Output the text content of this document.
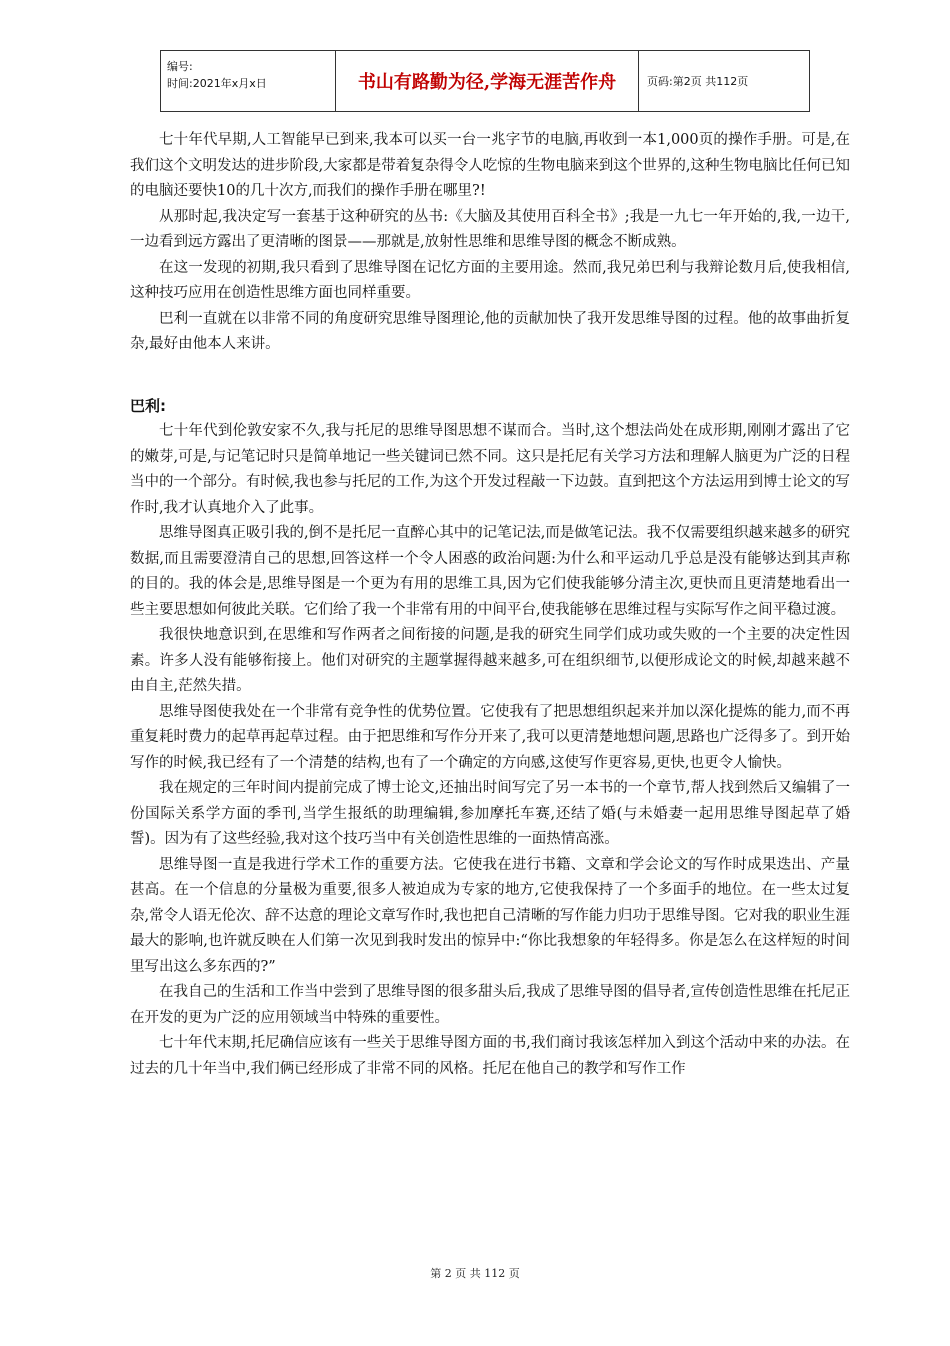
编号:
时间:2021年x月x日	书山有路勤为径,学海无涯苦作舟	页码:第2页 共112页

七十年代早期,人工智能早已到来,我本可以买一台一兆字节的电脑,再收到一本1,000页的操作手册。可是,在我们这个文明发达的进步阶段,大家都是带着复杂得令人吃惊的生物电脑来到这个世界的,这种生物电脑比任何已知的电脑还要快10的几十次方,而我们的操作手册在哪里?!

从那时起,我决定写一套基于这种研究的丛书:《大脑及其使用百科全书》;我是一九七一年开始的,我,一边干,一边看到远方露出了更清晰的图景——那就是,放射性思维和思维导图的概念不断成熟。

在这一发现的初期,我只看到了思维导图在记忆方面的主要用途。然而,我兄弟巴利与我辩论数月后,使我相信,这种技巧应用在创造性思维方面也同样重要。

巴利一直就在以非常不同的角度研究思维导图理论,他的贡献加快了我开发思维导图的过程。他的故事曲折复杂,最好由他本人来讲。

巴利:

七十年代到伦敦安家不久,我与托尼的思维导图思想不谋而合。当时,这个想法尚处在成形期,刚刚才露出了它的嫩芽,可是,与记笔记时只是简单地记一些关键词已然不同。这只是托尼有关学习方法和理解人脑更为广泛的日程当中的一个部分。有时候,我也参与托尼的工作,为这个开发过程敲一下边鼓。直到把这个方法运用到博士论文的写作时,我才认真地介入了此事。

思维导图真正吸引我的,倒不是托尼一直醉心其中的记笔记法,而是做笔记法。我不仅需要组织越来越多的研究数据,而且需要澄清自己的思想,回答这样一个令人困惑的政治问题:为什么和平运动几乎总是没有能够达到其声称的目的。我的体会是,思维导图是一个更为有用的思维工具,因为它们使我能够分清主次,更快而且更清楚地看出一些主要思想如何彼此关联。它们给了我一个非常有用的中间平台,使我能够在思维过程与实际写作之间平稳过渡。

我很快地意识到,在思维和写作两者之间衔接的问题,是我的研究生同学们成功或失败的一个主要的决定性因素。许多人没有能够衔接上。他们对研究的主题掌握得越来越多,可在组织细节,以便形成论文的时候,却越来越不由自主,茫然失措。

思维导图使我处在一个非常有竞争性的优势位置。它使我有了把思想组织起来并加以深化提炼的能力,而不再重复耗时费力的起草再起草过程。由于把思维和写作分开来了,我可以更清楚地想问题,思路也广泛得多了。到开始写作的时候,我已经有了一个清楚的结构,也有了一个确定的方向感,这使写作更容易,更快,也更令人愉快。

我在规定的三年时间内提前完成了博士论文,还抽出时间写完了另一本书的一个章节,帮人找到然后又编辑了一份国际关系学方面的季刊,当学生报纸的助理编辑,参加摩托车赛,还结了婚(与未婚妻一起用思维导图起草了婚誓)。因为有了这些经验,我对这个技巧当中有关创造性思维的一面热情高涨。

思维导图一直是我进行学术工作的重要方法。它使我在进行书籍、文章和学会论文的写作时成果迭出、产量甚高。在一个信息的分量极为重要,很多人被迫成为专家的地方,它使我保持了一个多面手的地位。在一些太过复杂,常令人语无伦次、辞不达意的理论文章写作时,我也把自己清晰的写作能力归功于思维导图。它对我的职业生涯最大的影响,也许就反映在人们第一次见到我时发出的惊异中:“你比我想象的年轻得多。你是怎么在这样短的时间里写出这么多东西的?”

在我自己的生活和工作当中尝到了思维导图的很多甜头后,我成了思维导图的倡导者,宣传创造性思维在托尼正在开发的更为广泛的应用领域当中特殊的重要性。

七十年代末期,托尼确信应该有一些关于思维导图方面的书,我们商讨我该怎样加入到这个活动中来的办法。在过去的几十年当中,我们俩已经形成了非常不同的风格。托尼在他自己的教学和写作工作

第 2 页 共 112 页
